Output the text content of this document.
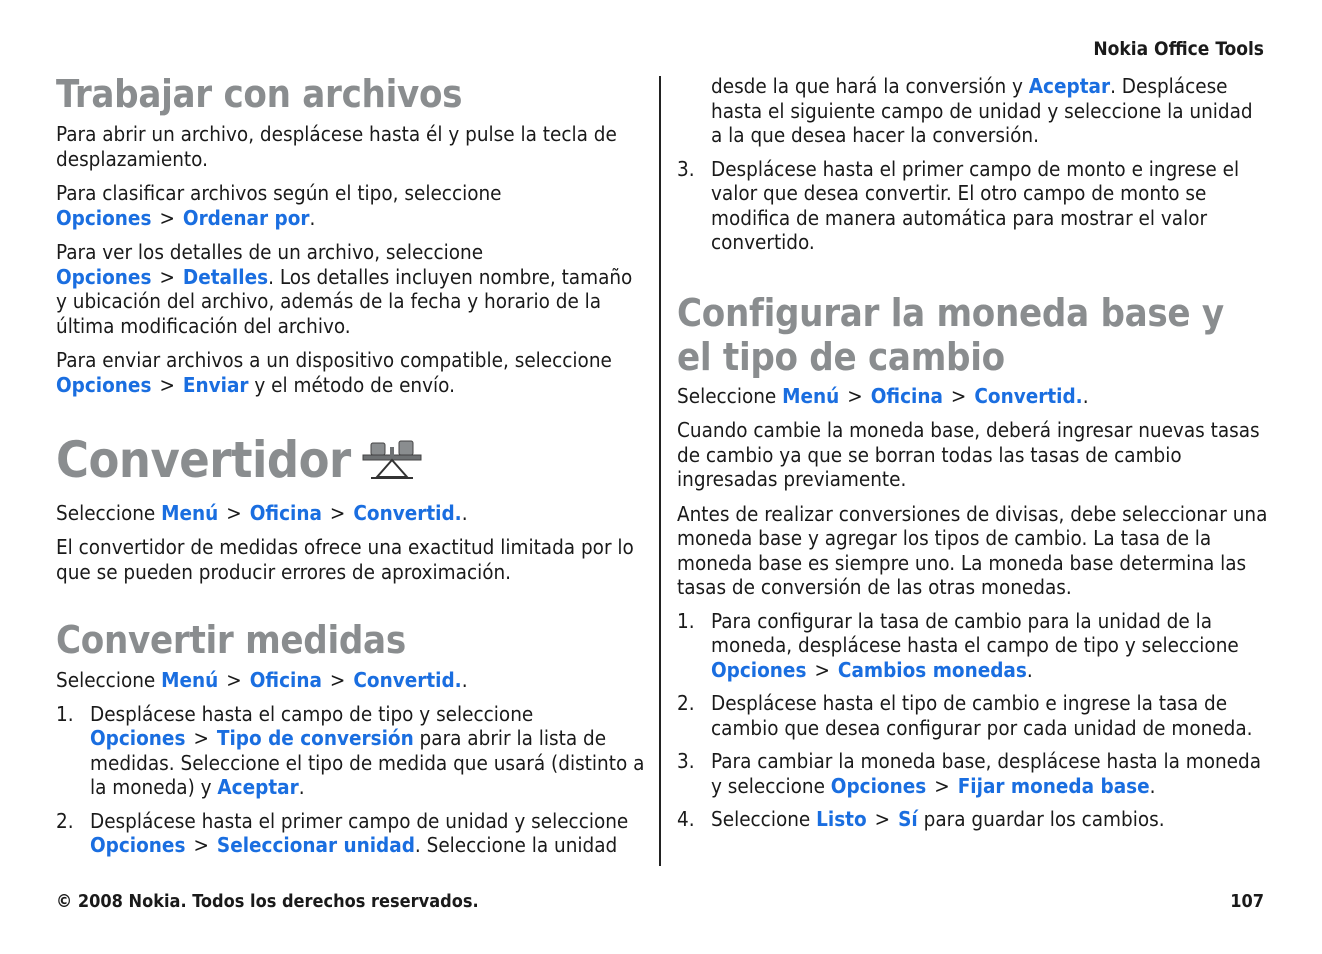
Nokia Office Tools
Trabajar con archivos

Para abrir un archivo, desplácese hasta él y pulse la tecla de desplazamiento.

Para clasificar archivos según el tipo, seleccione Opciones > Ordenar por.

Para ver los detalles de un archivo, seleccione Opciones > Detalles. Los detalles incluyen nombre, tamaño y ubicación del archivo, además de la fecha y horario de la última modificación del archivo.

Para enviar archivos a un dispositivo compatible, seleccione Opciones > Enviar y el método de envío.

Convertidor

Seleccione Menú > Oficina > Convertid..

El convertidor de medidas ofrece una exactitud limitada por lo que se pueden producir errores de aproximación.

Convertir medidas

Seleccione Menú > Oficina > Convertid..

1. Desplácese hasta el campo de tipo y seleccione Opciones > Tipo de conversión para abrir la lista de medidas. Seleccione el tipo de medida que usará (distinto a la moneda) y Aceptar.
2. Desplácese hasta el primer campo de unidad y seleccione Opciones > Seleccionar unidad. Seleccione la unidad

desde la que hará la conversión y Aceptar. Desplácese hasta el siguiente campo de unidad y seleccione la unidad a la que desea hacer la conversión.

3. Desplácese hasta el primer campo de monto e ingrese el valor que desea convertir. El otro campo de monto se modifica de manera automática para mostrar el valor convertido.
Configurar la moneda base y el tipo de cambio

Seleccione Menú > Oficina > Convertid..

Cuando cambie la moneda base, deberá ingresar nuevas tasas de cambio ya que se borran todas las tasas de cambio ingresadas previamente.

Antes de realizar conversiones de divisas, debe seleccionar una moneda base y agregar los tipos de cambio. La tasa de la moneda base es siempre uno. La moneda base determina las tasas de conversión de las otras monedas.

1. Para configurar la tasa de cambio para la unidad de la moneda, desplácese hasta el campo de tipo y seleccione Opciones > Cambios monedas.
2. Desplácese hasta el tipo de cambio e ingrese la tasa de cambio que desea configurar por cada unidad de moneda.
3. Para cambiar la moneda base, desplácese hasta la moneda y seleccione Opciones > Fijar moneda base.
4. Seleccione Listo > Sí para guardar los cambios.
© 2008 Nokia. Todos los derechos reservados.	107
